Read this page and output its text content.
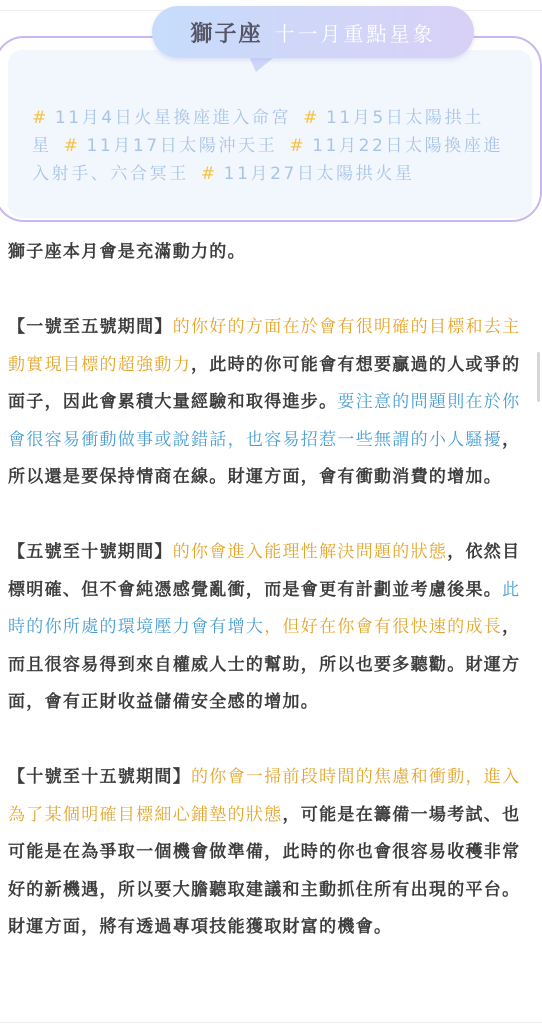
獅子座 十一月重點星象
# 11月4日火星換座進入命宮 # 11月5日太陽拱土星 # 11月17日太陽沖天王 # 11月22日太陽換座進入射手、六合冥王 # 11月27日太陽拱火星

獅子座本月會是充滿動力的。

【一號至五號期間】的你好的方面在於會有很明確的目標和去主動實現目標的超強動力，此時的你可能會有想要贏過的人或爭的面子，因此會累積大量經驗和取得進步。要注意的問題則在於你會很容易衝動做事或說錯話，也容易招惹一些無謂的小人騷擾，所以還是要保持情商在線。財運方面，會有衝動消費的增加。

【五號至十號期間】的你會進入能理性解決問題的狀態，依然目標明確、但不會純憑感覺亂衝，而是會更有計劃並考慮後果。此時的你所處的環境壓力會有增大，但好在你會有很快速的成長，而且很容易得到來自權威人士的幫助，所以也要多聽勸。財運方面，會有正財收益儲備安全感的增加。

【十號至十五號期間】的你會一掃前段時間的焦慮和衝動，進入為了某個明確目標細心鋪墊的狀態，可能是在籌備一場考試、也可能是在為爭取一個機會做準備，此時的你也會很容易收穫非常好的新機遇，所以要大膽聽取建議和主動抓住所有出現的平台。財運方面，將有透過專項技能獲取財富的機會。
